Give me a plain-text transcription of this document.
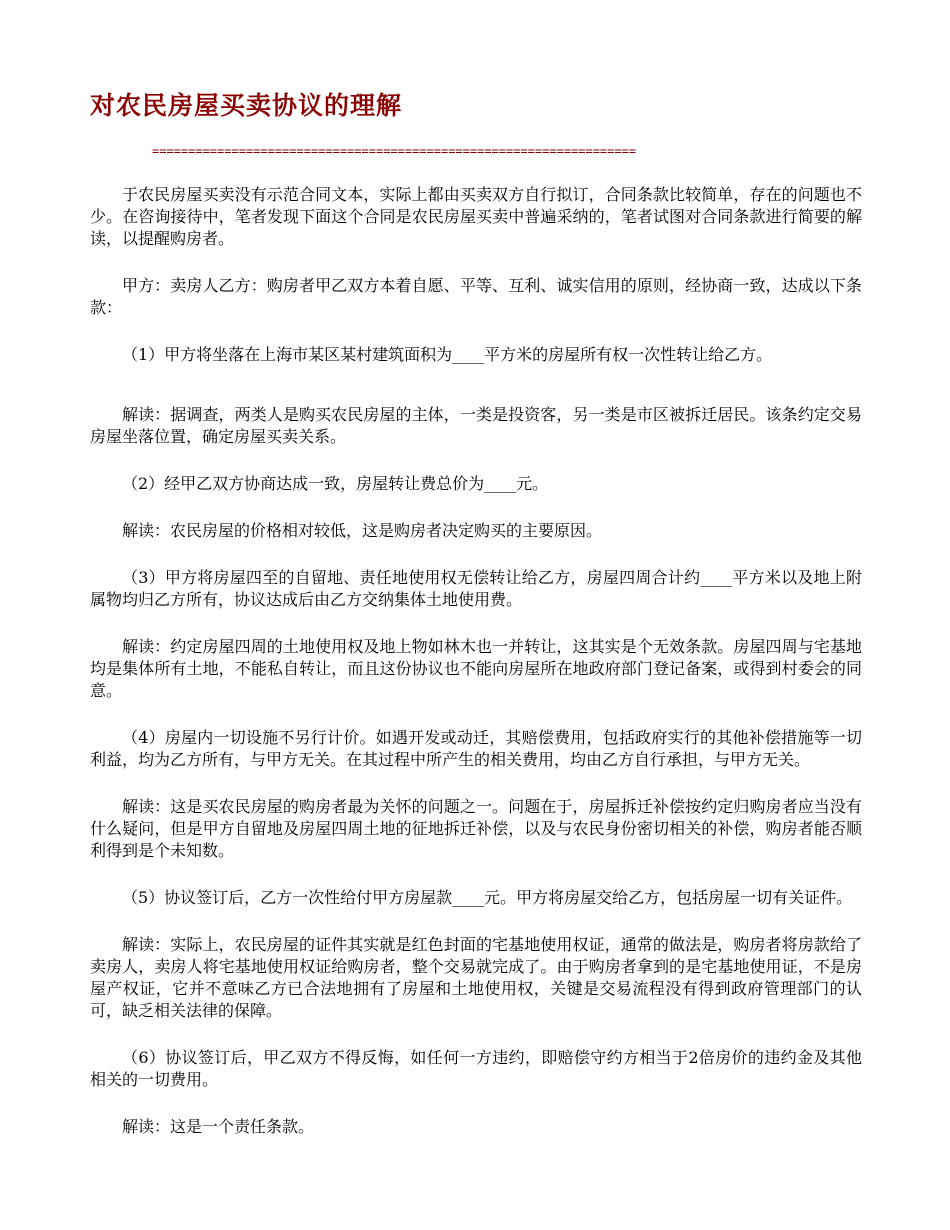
对农民房屋买卖协议的理解
===================================================================

于农民房屋买卖没有示范合同文本，实际上都由买卖双方自行拟订，合同条款比较简单，存在的问题也不少。在咨询接待中，笔者发现下面这个合同是农民房屋买卖中普遍采纳的，笔者试图对合同条款进行简要的解读，以提醒购房者。

甲方：卖房人乙方：购房者甲乙双方本着自愿、平等、互利、诚实信用的原则，经协商一致，达成以下条款：

（1）甲方将坐落在上海市某区某村建筑面积为____平方米的房屋所有权一次性转让给乙方。

解读：据调查，两类人是购买农民房屋的主体，一类是投资客，另一类是市区被拆迁居民。该条约定交易房屋坐落位置，确定房屋买卖关系。

（2）经甲乙双方协商达成一致，房屋转让费总价为____元。

解读：农民房屋的价格相对较低，这是购房者决定购买的主要原因。

（3）甲方将房屋四至的自留地、责任地使用权无偿转让给乙方，房屋四周合计约____平方米以及地上附属物均归乙方所有，协议达成后由乙方交纳集体土地使用费。

解读：约定房屋四周的土地使用权及地上物如林木也一并转让，这其实是个无效条款。房屋四周与宅基地均是集体所有土地，不能私自转让，而且这份协议也不能向房屋所在地政府部门登记备案，或得到村委会的同意。

（4）房屋内一切设施不另行计价。如遇开发或动迁，其赔偿费用，包括政府实行的其他补偿措施等一切利益，均为乙方所有，与甲方无关。在其过程中所产生的相关费用，均由乙方自行承担，与甲方无关。

解读：这是买农民房屋的购房者最为关怀的问题之一。问题在于，房屋拆迁补偿按约定归购房者应当没有什么疑问，但是甲方自留地及房屋四周土地的征地拆迁补偿，以及与农民身份密切相关的补偿，购房者能否顺利得到是个未知数。

（5）协议签订后，乙方一次性给付甲方房屋款____元。甲方将房屋交给乙方，包括房屋一切有关证件。

解读：实际上，农民房屋的证件其实就是红色封面的宅基地使用权证，通常的做法是，购房者将房款给了卖房人，卖房人将宅基地使用权证给购房者，整个交易就完成了。由于购房者拿到的是宅基地使用证，不是房屋产权证，它并不意味乙方已合法地拥有了房屋和土地使用权，关键是交易流程没有得到政府管理部门的认可，缺乏相关法律的保障。

（6）协议签订后，甲乙双方不得反悔，如任何一方违约，即赔偿守约方相当于2倍房价的违约金及其他相关的一切费用。

解读：这是一个责任条款。
